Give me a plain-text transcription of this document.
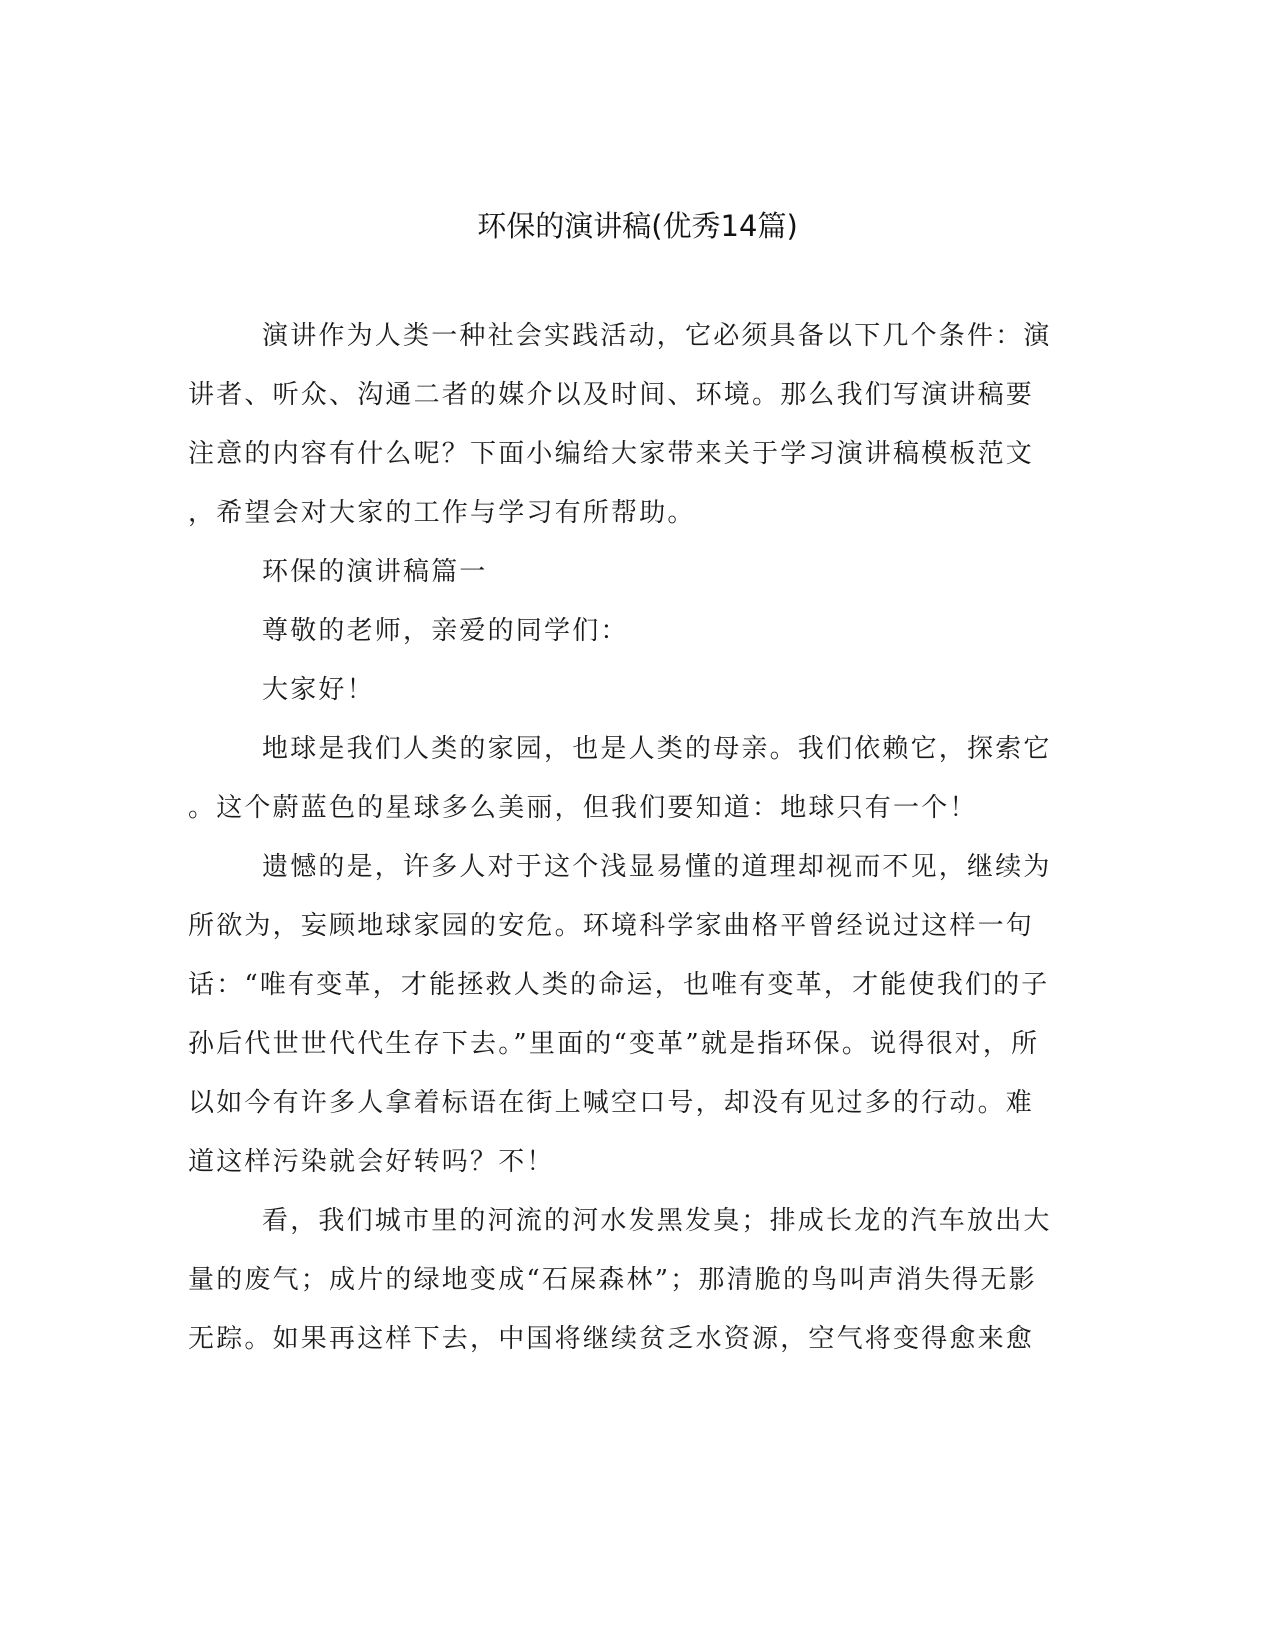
环保的演讲稿(优秀14篇)
演讲作为人类一种社会实践活动，它必须具备以下几个条件：演
讲者、听众、沟通二者的媒介以及时间、环境。那么我们写演讲稿要
注意的内容有什么呢？下面小编给大家带来关于学习演讲稿模板范文
，希望会对大家的工作与学习有所帮助。
环保的演讲稿篇一
尊敬的老师，亲爱的同学们：
大家好！
地球是我们人类的家园，也是人类的母亲。我们依赖它，探索它
。这个蔚蓝色的星球多么美丽，但我们要知道：地球只有一个！
遗憾的是，许多人对于这个浅显易懂的道理却视而不见，继续为
所欲为，妄顾地球家园的安危。环境科学家曲格平曾经说过这样一句
话：“唯有变革，才能拯救人类的命运，也唯有变革，才能使我们的子
孙后代世世代代生存下去。”里面的“变革”就是指环保。说得很对，所
以如今有许多人拿着标语在街上喊空口号，却没有见过多的行动。难
道这样污染就会好转吗？不！
看，我们城市里的河流的河水发黑发臭；排成长龙的汽车放出大
量的废气；成片的绿地变成“石屎森林”；那清脆的鸟叫声消失得无影
无踪。如果再这样下去，中国将继续贫乏水资源，空气将变得愈来愈
